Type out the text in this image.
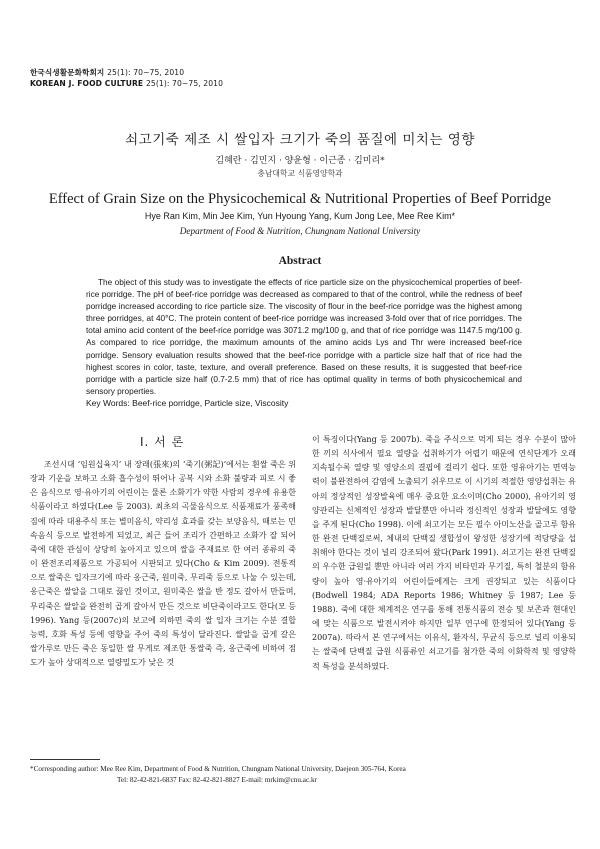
한국식생활문화학회지 25(1): 70~75, 2010
KOREAN J. FOOD CULTURE 25(1): 70~75, 2010
쇠고기죽 제조 시 쌀입자 크기가 죽의 품질에 미치는 영향
김혜란 · 김민지 · 양윤형 · 이근종 · 김미리*
충남대학교 식품영양학과
Effect of Grain Size on the Physicochemical & Nutritional Properties of Beef Porridge
Hye Ran Kim, Min Jee Kim, Yun Hyoung Yang, Kum Jong Lee, Mee Ree Kim*
Department of Food & Nutrition, Chungnam National University
Abstract
The object of this study was to investigate the effects of rice particle size on the physicochemical properties of beef-rice porridge. The pH of beef-rice porridge was decreased as compared to that of the control, while the redness of beef porridge increased according to rice particle size. The viscosity of flour in the beef-rice porridge was the highest among three porridges, at 40°C. The protein content of beef-rice porridge was increased 3-fold over that of rice porridges. The total amino acid content of the beef-rice porridge was 3071.2 mg/100 g, and that of rice porridge was 1147.5 mg/100 g. As compared to rice porridge, the maximum amounts of the amino acids Lys and Thr were increased beef-rice porridge. Sensory evaluation results showed that the beef-rice porridge with a particle size half that of rice had the highest scores in color, taste, texture, and overall preference. Based on these results, it is suggested that beef-rice porridge with a particle size half (0.7-2.5 mm) that of rice has optimal quality in terms of both physicochemical and sensory properties.
Key Words: Beef-rice porridge, Particle size, Viscosity
Ⅰ. 서 론
조선시대 ‘임원십육지’ 내 장래(張來)의 ‘죽기(粥記)’에서는 흰쌀 죽은 위장과 기운을 보하고 소화 흡수성이 뛰어나 공복 시와 소화 불량과 피로 시 좋은 음식으로 영·유아기의 어린이는 물론 소화기가 약한 사람의 경우에 유용한 식품이라고 하였다(Lee 등 2003). 최초의 곡물음식으로 식품재료가 풍족해짐에 따라 대용주식 또는 별미음식, 약리성 효과를 갖는 보양음식, 때로는 민속음식 등으로 발전하게 되었고, 최근 들어 조리가 간편하고 소화가 잘 되어 죽에 대한 관심이 상당히 높아지고 있으며 쌀을 주재료로 한 여러 종류의 죽이 완전조리제품으로 가공되어 시판되고 있다(Cho & Kim 2009). 전통적으로 쌀죽은 입자크기에 따라 옹근죽, 원미죽, 무리죽 등으로 나눌 수 있는데, 옹근죽은 쌀알을 그대로 끓인 것이고, 원미죽은 쌀을 반 정도 갈아서 만들며, 무리죽은 쌀알을 완전히 곱게 갈아서 만든 것으로 비단죽이라고도 한다(모 등 1996). Yang 등(2007c)의 보고에 의하면 죽의 쌀 입자 크기는 수분 결합 능력, 호화 특성 등에 영향을 주어 죽의 특성이 달라진다. 쌀알을 곱게 갈은 쌀가루로 만든 죽은 동일한 쌀 무게로 제조한 통쌀죽 즉, 옹근죽에 비하여 점도가 높아 상대적으로 열량밀도가 낮은 것
이 특징이다(Yang 등 2007b). 죽을 주식으로 먹게 되는 경우 수분이 많아 한 끼의 식사에서 필요 열량을 섭취하기가 어렵기 때문에 연식단계가 오래 지속될수록 열량 및 영양소의 결핍에 걸리기 쉽다. 또한 영유아기는 면역능력이 불완전하여 감염에 노출되기 쉬우므로 이 시기의 적절한 영양섭취는 유아의 정상적인 성장발육에 매우 중요한 요소이며(Cho 2000), 유아기의 영양관리는 신체적인 성장과 발달뿐만 아니라 정신적인 성장과 발달에도 영향을 주게 된다(Cho 1998). 이에 쇠고기는 모든 필수 아미노산을 골고루 함유한 완전 단백질로써, 체내의 단백질 생합성이 왕성한 성장기에 적당량을 섭취해야 한다는 것이 널리 강조되어 왔다(Park 1991). 쇠고기는 완전 단백질의 우수한 급원일 뿐만 아니라 여러 가지 비타민과 무기질, 특히 철분의 함유량이 높아 영·유아기의 어린이들에게는 크게 권장되고 있는 식품이다(Bodwell 1984; ADA Reports 1986; Whitney 등 1987; Lee 등 1988). 죽에 대한 체계적은 연구를 통해 전통식품의 전승 및 보존과 현대인에 맞는 식품으로 발전시켜야 하지만 일부 연구에 한정되어 있다(Yang 등 2007a). 따라서 본 연구에서는 이유식, 환자식, 무균식 등으로 널리 이용되는 쌀죽에 단백질 급원 식품류인 쇠고기를 첨가한 죽의 이화학적 및 영양학적 특성을 분석하였다.
*Corresponding author: Mee Ree Kim, Department of Food & Nutrition, Chungnam National University, Daejeon 305-764, Korea
Tel: 82-42-821-6837 Fax: 82-42-821-8827 E-mail: mrkim@cnu.ac.kr
